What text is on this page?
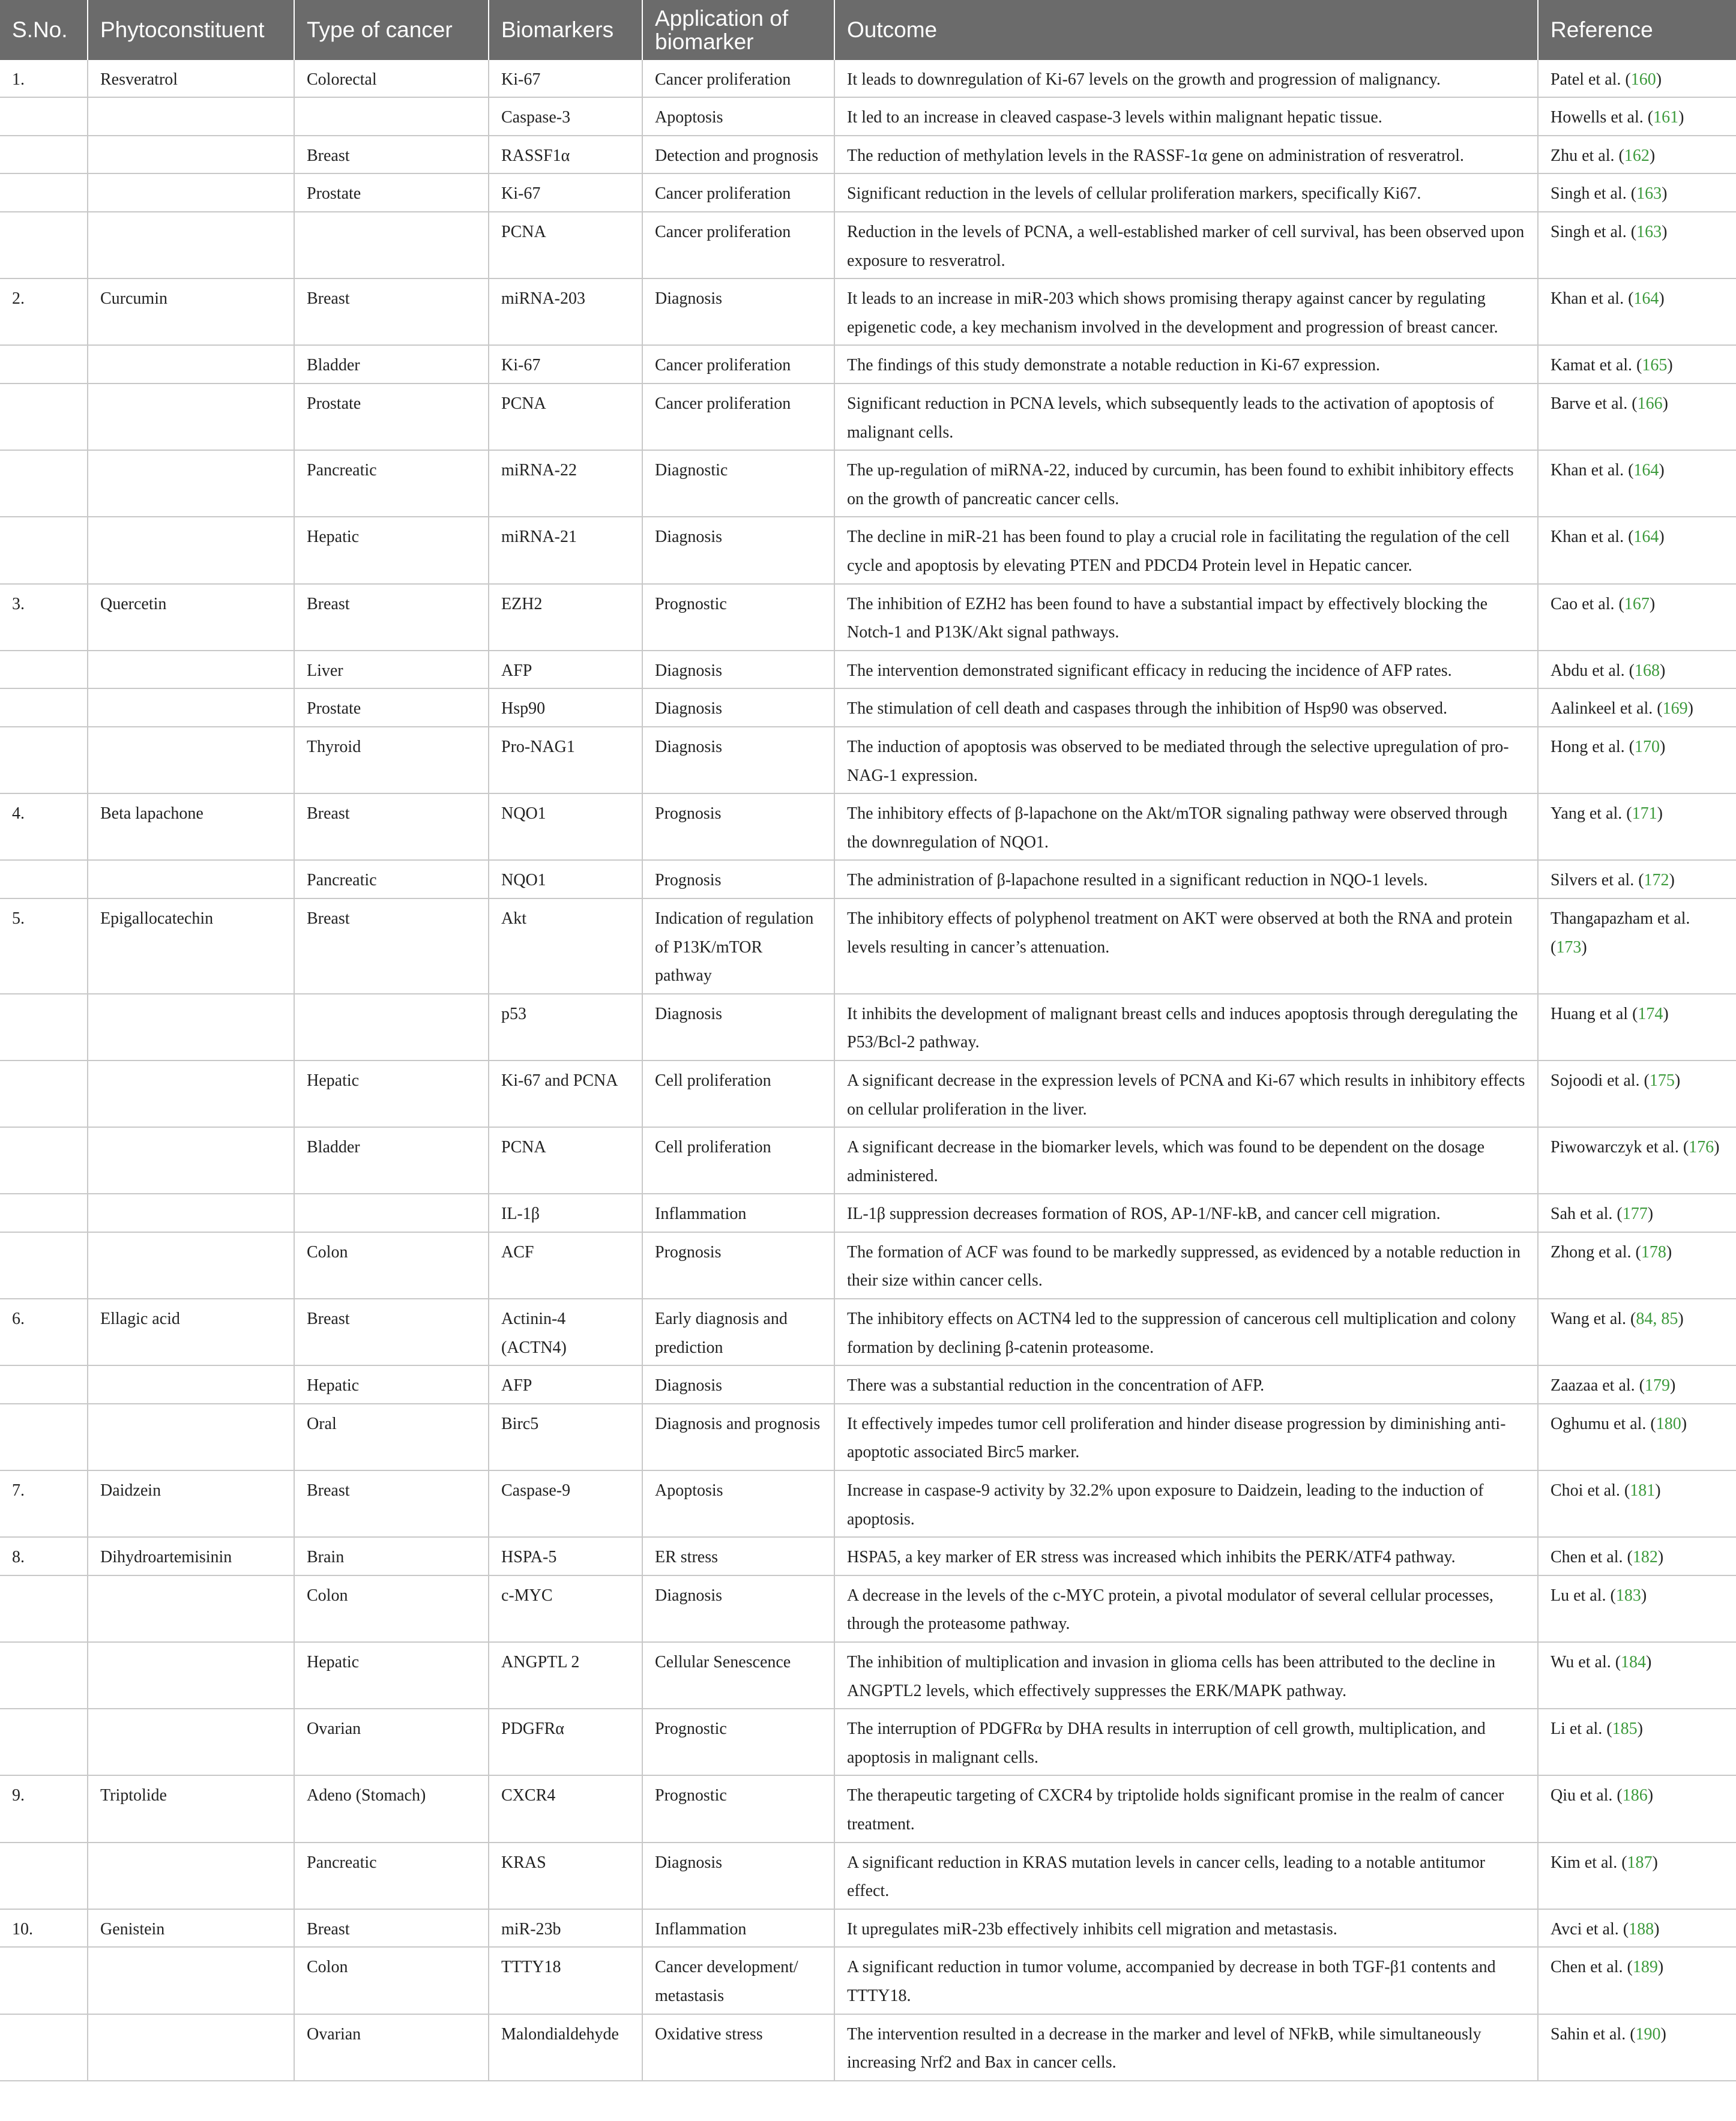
S.No.	Phytoconstituent	Type of cancer	Biomarkers	Application of biomarker	Outcome	Reference
1.	Resveratrol	Colorectal	Ki-67	Cancer proliferation	It leads to downregulation of Ki-67 levels on the growth and progression of malignancy.	Patel et al. (160)
			Caspase-3	Apoptosis	It led to an increase in cleaved caspase-3 levels within malignant hepatic tissue.	Howells et al. (161)
		Breast	RASSF1α	Detection and prognosis	The reduction of methylation levels in the RASSF-1α gene on administration of resveratrol.	Zhu et al. (162)
		Prostate	Ki-67	Cancer proliferation	Significant reduction in the levels of cellular proliferation markers, specifically Ki67.	Singh et al. (163)
			PCNA	Cancer proliferation	Reduction in the levels of PCNA, a well-established marker of cell survival, has been observed upon exposure to resveratrol.	Singh et al. (163)
2.	Curcumin	Breast	miRNA-203	Diagnosis	It leads to an increase in miR-203 which shows promising therapy against cancer by regulating epigenetic code, a key mechanism involved in the development and progression of breast cancer.	Khan et al. (164)
		Bladder	Ki-67	Cancer proliferation	The findings of this study demonstrate a notable reduction in Ki-67 expression.	Kamat et al. (165)
		Prostate	PCNA	Cancer proliferation	Significant reduction in PCNA levels, which subsequently leads to the activation of apoptosis of malignant cells.	Barve et al. (166)
		Pancreatic	miRNA-22	Diagnostic	The up-regulation of miRNA-22, induced by curcumin, has been found to exhibit inhibitory effects on the growth of pancreatic cancer cells.	Khan et al. (164)
		Hepatic	miRNA-21	Diagnosis	The decline in miR-21 has been found to play a crucial role in facilitating the regulation of the cell cycle and apoptosis by elevating PTEN and PDCD4 Protein level in Hepatic cancer.	Khan et al. (164)
3.	Quercetin	Breast	EZH2	Prognostic	The inhibition of EZH2 has been found to have a substantial impact by effectively blocking the Notch-1 and P13K/Akt signal pathways.	Cao et al. (167)
		Liver	AFP	Diagnosis	The intervention demonstrated significant efficacy in reducing the incidence of AFP rates.	Abdu et al. (168)
		Prostate	Hsp90	Diagnosis	The stimulation of cell death and caspases through the inhibition of Hsp90 was observed.	Aalinkeel et al. (169)
		Thyroid	Pro-NAG1	Diagnosis	The induction of apoptosis was observed to be mediated through the selective upregulation of pro-NAG-1 expression.	Hong et al. (170)
4.	Beta lapachone	Breast	NQO1	Prognosis	The inhibitory effects of β-lapachone on the Akt/mTOR signaling pathway were observed through the downregulation of NQO1.	Yang et al. (171)
		Pancreatic	NQO1	Prognosis	The administration of β-lapachone resulted in a significant reduction in NQO-1 levels.	Silvers et al. (172)
5.	Epigallocatechin	Breast	Akt	Indication of regulation of P13K/mTOR pathway	The inhibitory effects of polyphenol treatment on AKT were observed at both the RNA and protein levels resulting in cancer’s attenuation.	Thangapazham et al. (173)
			p53	Diagnosis	It inhibits the development of malignant breast cells and induces apoptosis through deregulating the P53/Bcl-2 pathway.	Huang et al (174)
		Hepatic	Ki-67 and PCNA	Cell proliferation	A significant decrease in the expression levels of PCNA and Ki-67 which results in inhibitory effects on cellular proliferation in the liver.	Sojoodi et al. (175)
		Bladder	PCNA	Cell proliferation	A significant decrease in the biomarker levels, which was found to be dependent on the dosage administered.	Piwowarczyk et al. (176)
			IL-1β	Inflammation	IL-1β suppression decreases formation of ROS, AP-1/NF-kB, and cancer cell migration.	Sah et al. (177)
		Colon	ACF	Prognosis	The formation of ACF was found to be markedly suppressed, as evidenced by a notable reduction in their size within cancer cells.	Zhong et al. (178)
6.	Ellagic acid	Breast	Actinin-4 (ACTN4)	Early diagnosis and prediction	The inhibitory effects on ACTN4 led to the suppression of cancerous cell multiplication and colony formation by declining β-catenin proteasome.	Wang et al. (84, 85)
		Hepatic	AFP	Diagnosis	There was a substantial reduction in the concentration of AFP.	Zaazaa et al. (179)
		Oral	Birc5	Diagnosis and prognosis	It effectively impedes tumor cell proliferation and hinder disease progression by diminishing anti-apoptotic associated Birc5 marker.	Oghumu et al. (180)
7.	Daidzein	Breast	Caspase-9	Apoptosis	Increase in caspase-9 activity by 32.2% upon exposure to Daidzein, leading to the induction of apoptosis.	Choi et al. (181)
8.	Dihydroartemisinin	Brain	HSPA-5	ER stress	HSPA5, a key marker of ER stress was increased which inhibits the PERK/ATF4 pathway.	Chen et al. (182)
		Colon	c-MYC	Diagnosis	A decrease in the levels of the c-MYC protein, a pivotal modulator of several cellular processes, through the proteasome pathway.	Lu et al. (183)
		Hepatic	ANGPTL 2	Cellular Senescence	The inhibition of multiplication and invasion in glioma cells has been attributed to the decline in ANGPTL2 levels, which effectively suppresses the ERK/MAPK pathway.	Wu et al. (184)
		Ovarian	PDGFRα	Prognostic	The interruption of PDGFRα by DHA results in interruption of cell growth, multiplication, and apoptosis in malignant cells.	Li et al. (185)
9.	Triptolide	Adeno (Stomach)	CXCR4	Prognostic	The therapeutic targeting of CXCR4 by triptolide holds significant promise in the realm of cancer treatment.	Qiu et al. (186)
		Pancreatic	KRAS	Diagnosis	A significant reduction in KRAS mutation levels in cancer cells, leading to a notable antitumor effect.	Kim et al. (187)
10.	Genistein	Breast	miR-23b	Inflammation	It upregulates miR-23b effectively inhibits cell migration and metastasis.	Avci et al. (188)
		Colon	TTTY18	Cancer development/ metastasis	A significant reduction in tumor volume, accompanied by decrease in both TGF-β1 contents and TTTY18.	Chen et al. (189)
		Ovarian	Malondialdehyde	Oxidative stress	The intervention resulted in a decrease in the marker and level of NFkB, while simultaneously increasing Nrf2 and Bax in cancer cells.	Sahin et al. (190)
